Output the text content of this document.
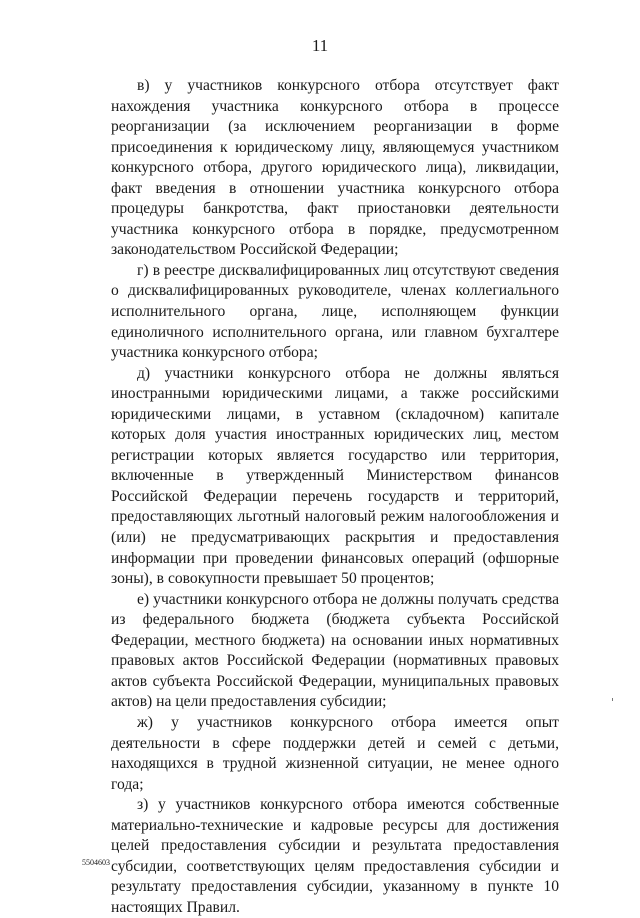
11

в) у участников конкурсного отбора отсутствует факт нахождения участника конкурсного отбора в процессе реорганизации (за исключением реорганизации в форме присоединения к юридическому лицу, являющемуся участником конкурсного отбора, другого юридического лица), ликвидации, факт введения в отношении участника конкурсного отбора процедуры банкротства, факт приостановки деятельности участника конкурсного отбора в порядке, предусмотренном законодательством Российской Федерации;

г) в реестре дисквалифицированных лиц отсутствуют сведения о дисквалифицированных руководителе, членах коллегиального исполнительного органа, лице, исполняющем функции единоличного исполнительного органа, или главном бухгалтере участника конкурсного отбора;

д) участники конкурсного отбора не должны являться иностранными юридическими лицами, а также российскими юридическими лицами, в уставном (складочном) капитале которых доля участия иностранных юридических лиц, местом регистрации которых является государство или территория, включенные в утвержденный Министерством финансов Российской Федерации перечень государств и территорий, предоставляющих льготный налоговый режим налогообложения и (или) не предусматривающих раскрытия и предоставления информации при проведении финансовых операций (офшорные зоны), в совокупности превышает 50 процентов;

е) участники конкурсного отбора не должны получать средства из федерального бюджета (бюджета субъекта Российской Федерации, местного бюджета) на основании иных нормативных правовых актов Российской Федерации (нормативных правовых актов субъекта Российской Федерации, муниципальных правовых актов) на цели предоставления субсидии;

ж) у участников конкурсного отбора имеется опыт деятельности в сфере поддержки детей и семей с детьми, находящихся в трудной жизненной ситуации, не менее одного года;

з) у участников конкурсного отбора имеются собственные материально-технические и кадровые ресурсы для достижения целей предоставления субсидии и результата предоставления субсидии, соответствующих целям предоставления субсидии и результату предоставления субсидии, указанному в пункте 10 настоящих Правил.

5504603
